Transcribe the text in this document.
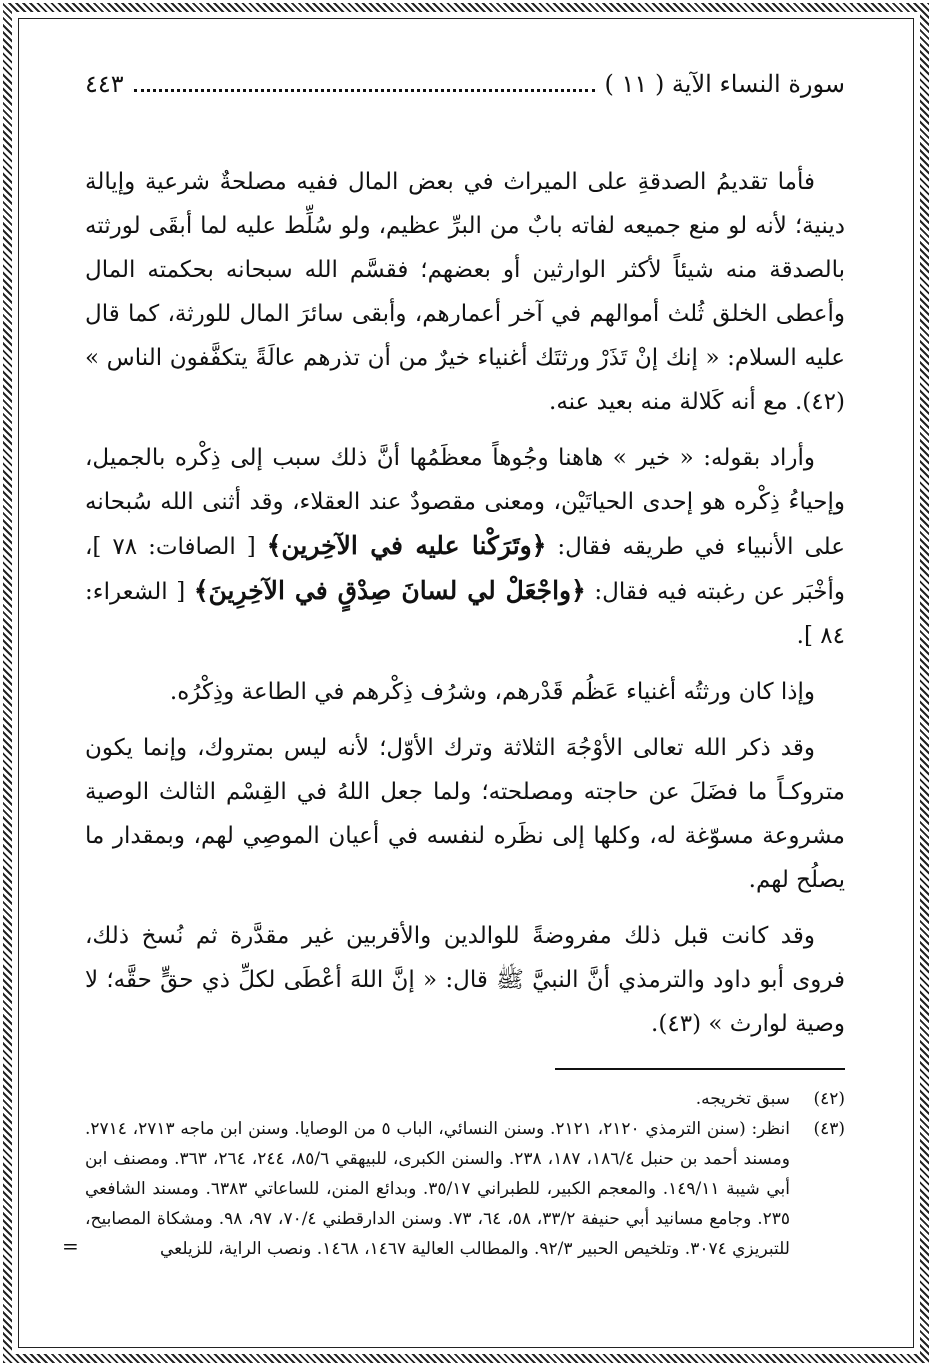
سورة النساء الآية ( ١١ )
٤٤٣

فأما تقديمُ الصدقةِ على الميراث في بعض المال ففيه مصلحةٌ شرعية وإيالة دينية؛ لأنه لو منع جميعه لفاته بابٌ من البرِّ عظيم، ولو سُلِّط عليه لما أبقَى لورثته بالصدقة منه شيئاً لأكثر الوارثين أو بعضهم؛ فقسَّم الله سبحانه بحكمته المال وأعطى الخلق ثُلث أموالهم في آخر أعمارهم، وأبقى سائرَ المال للورثة، كما قال عليه السلام: « إنك إنْ تَذَرْ ورثتَك أغنياء خيرٌ من أن تذرهم عالَةً يتكفَّفون الناس » (٤٢). مع أنه كَلالة منه بعيد عنه.

وأراد بقوله: « خير » هاهنا وجُوهاً معظَمُها أنَّ ذلك سبب إلى ذِكْره بالجميل، وإحياءُ ذِكْره هو إحدى الحياتَيْن، ومعنى مقصودٌ عند العقلاء، وقد أثنى الله سُبحانه على الأنبياء في طريقه فقال: ﴿وتَرَكْنا عليه في الآخِرين﴾ [ الصافات: ٧٨ ]، وأخْبَر عن رغبته فيه فقال: ﴿واجْعَلْ لي لسانَ صِدْقٍ في الآخِرِينَ﴾ [ الشعراء: ٨٤ ].

وإذا كان ورثتُه أغنياء عَظُم قَدْرهم، وشرُف ذِكْرهم في الطاعة وذِكْرُه.

وقد ذكر الله تعالى الأوْجُهَ الثلاثة وترك الأوّل؛ لأنه ليس بمتروك، وإنما يكون متروكـاً ما فضَلَ عن حاجته ومصلحته؛ ولما جعل اللهُ في القِسْم الثالث الوصية مشروعة مسوّغة له، وكلها إلى نظَره لنفسه في أعيان الموصِي لهم، وبمقدار ما يصلُح لهم.

وقد كانت قبل ذلك مفروضةً للوالدين والأقربين غير مقدَّرة ثم نُسخ ذلك، فروى أبو داود والترمذي أنَّ النبيَّ ﷺ قال: « إنَّ اللهَ أعْطَى لكلِّ ذي حقٍّ حقَّه؛ لا وصية لوارث » (٤٣).

(٤٢)
سبق تخريجه.
(٤٣)
انظر: (سنن الترمذي ٢١٢٠، ٢١٢١. وسنن النسائي، الباب ٥ من الوصايا. وسنن ابن ماجه ٢٧١٣، ٢٧١٤. ومسند أحمد بن حنبل ١٨٦/٤، ١٨٧، ٢٣٨. والسنن الكبرى، للبيهقي ٨٥/٦، ٢٤٤، ٢٦٤، ٣٦٣. ومصنف ابن أبي شيبة ١٤٩/١١. والمعجم الكبير، للطبراني ٣٥/١٧. وبدائع المنن، للساعاتي ٦٣٨٣. ومسند الشافعي ٢٣٥. وجامع مسانيد أبي حنيفة ٣٣/٢، ٥٨، ٦٤، ٧٣. وسنن الدارقطني ٧٠/٤، ٩٧، ٩٨. ومشكاة المصابيح، للتبريزي ٣٠٧٤. وتلخيص الحبير ٩٢/٣. والمطالب العالية ١٤٦٧، ١٤٦٨. ونصب الراية، للزيلعي
=
